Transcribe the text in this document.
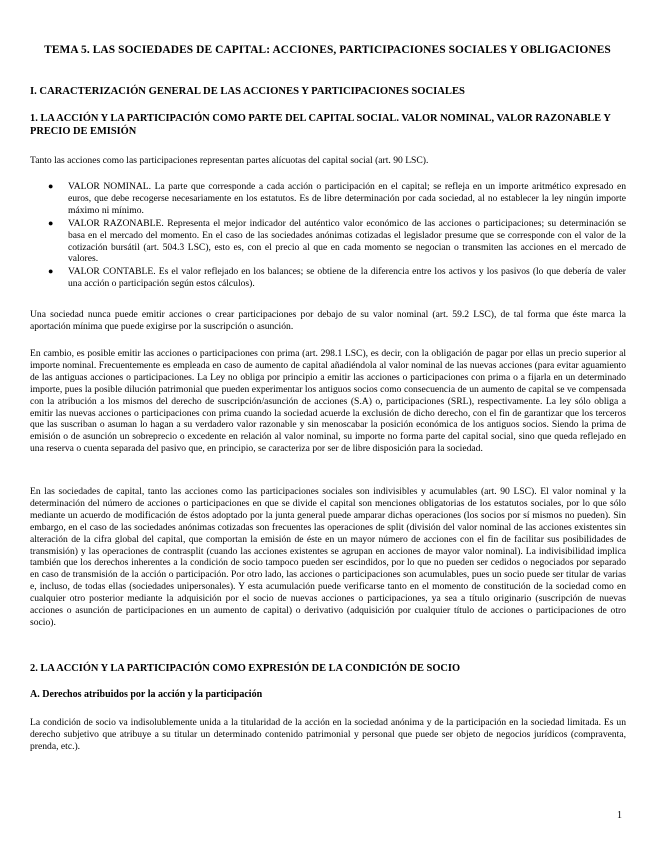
TEMA 5. LAS SOCIEDADES DE CAPITAL: ACCIONES, PARTICIPACIONES SOCIALES Y OBLIGACIONES
I. CARACTERIZACIÓN GENERAL DE LAS ACCIONES Y PARTICIPACIONES SOCIALES
1. LA ACCIÓN Y LA PARTICIPACIÓN COMO PARTE DEL CAPITAL SOCIAL. VALOR NOMINAL, VALOR RAZONABLE Y PRECIO DE EMISIÓN

Tanto las acciones como las participaciones representan partes alícuotas del capital social (art. 90 LSC).

● VALOR NOMINAL. La parte que corresponde a cada acción o participación en el capital; se refleja en un importe aritmético expresado en euros, que debe recogerse necesariamente en los estatutos. Es de libre determinación por cada sociedad, al no establecer la ley ningún importe máximo ni mínimo.
● VALOR RAZONABLE. Representa el mejor indicador del auténtico valor económico de las acciones o participaciones; su determinación se basa en el mercado del momento. En el caso de las sociedades anónimas cotizadas el legislador presume que se corresponde con el valor de la cotización bursátil (art. 504.3 LSC), esto es, con el precio al que en cada momento se negocian o transmiten las acciones en el mercado de valores.
● VALOR CONTABLE. Es el valor reflejado en los balances; se obtiene de la diferencia entre los activos y los pasivos (lo que debería de valer una acción o participación según estos cálculos).

Una sociedad nunca puede emitir acciones o crear participaciones por debajo de su valor nominal (art. 59.2 LSC), de tal forma que éste marca la aportación mínima que puede exigirse por la suscripción o asunción.

En cambio, es posible emitir las acciones o participaciones con prima (art. 298.1 LSC), es decir, con la obligación de pagar por ellas un precio superior al importe nominal. Frecuentemente es empleada en caso de aumento de capital añadiéndola al valor nominal de las nuevas acciones (para evitar aguamiento de las antiguas acciones o participaciones. La Ley no obliga por principio a emitir las acciones o participaciones con prima o a fijarla en un determinado importe, pues la posible dilución patrimonial que pueden experimentar los antiguos socios como consecuencia de un aumento de capital se ve compensada con la atribución a los mismos del derecho de suscripción/asunción de acciones (S.A) o, participaciones (SRL), respectivamente. La ley sólo obliga a emitir las nuevas acciones o participaciones con prima cuando la sociedad acuerde la exclusión de dicho derecho, con el fin de garantizar que los terceros que las suscriban o asuman lo hagan a su verdadero valor razonable y sin menoscabar la posición económica de los antiguos socios. Siendo la prima de emisión o de asunción un sobreprecio o excedente en relación al valor nominal, su importe no forma parte del capital social, sino que queda reflejado en una reserva o cuenta separada del pasivo que, en principio, se caracteriza por ser de libre disposición para la sociedad.

En las sociedades de capital, tanto las acciones como las participaciones sociales son indivisibles y acumulables (art. 90 LSC). El valor nominal y la determinación del número de acciones o participaciones en que se divide el capital son menciones obligatorias de los estatutos sociales, por lo que sólo mediante un acuerdo de modificación de éstos adoptado por la junta general puede amparar dichas operaciones (los socios por sí mismos no pueden). Sin embargo, en el caso de las sociedades anónimas cotizadas son frecuentes las operaciones de split (división del valor nominal de las acciones existentes sin alteración de la cifra global del capital, que comportan la emisión de éste en un mayor número de acciones con el fin de facilitar sus posibilidades de transmisión) y las operaciones de contrasplit (cuando las acciones existentes se agrupan en acciones de mayor valor nominal). La indivisibilidad implica también que los derechos inherentes a la condición de socio tampoco pueden ser escindidos, por lo que no pueden ser cedidos o negociados por separado en caso de transmisión de la acción o participación. Por otro lado, las acciones o participaciones son acumulables, pues un socio puede ser titular de varias e, incluso, de todas ellas (sociedades unipersonales). Y esta acumulación puede verificarse tanto en el momento de constitución de la sociedad como en cualquier otro posterior mediante la adquisición por el socio de nuevas acciones o participaciones, ya sea a título originario (suscripción de nuevas acciones o asunción de participaciones en un aumento de capital) o derivativo (adquisición por cualquier título de acciones o participaciones de otro socio).

2. LA ACCIÓN Y LA PARTICIPACIÓN COMO EXPRESIÓN DE LA CONDICIÓN DE SOCIO
A. Derechos atribuidos por la acción y la participación

La condición de socio va indisolublemente unida a la titularidad de la acción en la sociedad anónima y de la participación en la sociedad limitada. Es un derecho subjetivo que atribuye a su titular un determinado contenido patrimonial y personal que puede ser objeto de negocios jurídicos (compraventa, prenda, etc.).

1
